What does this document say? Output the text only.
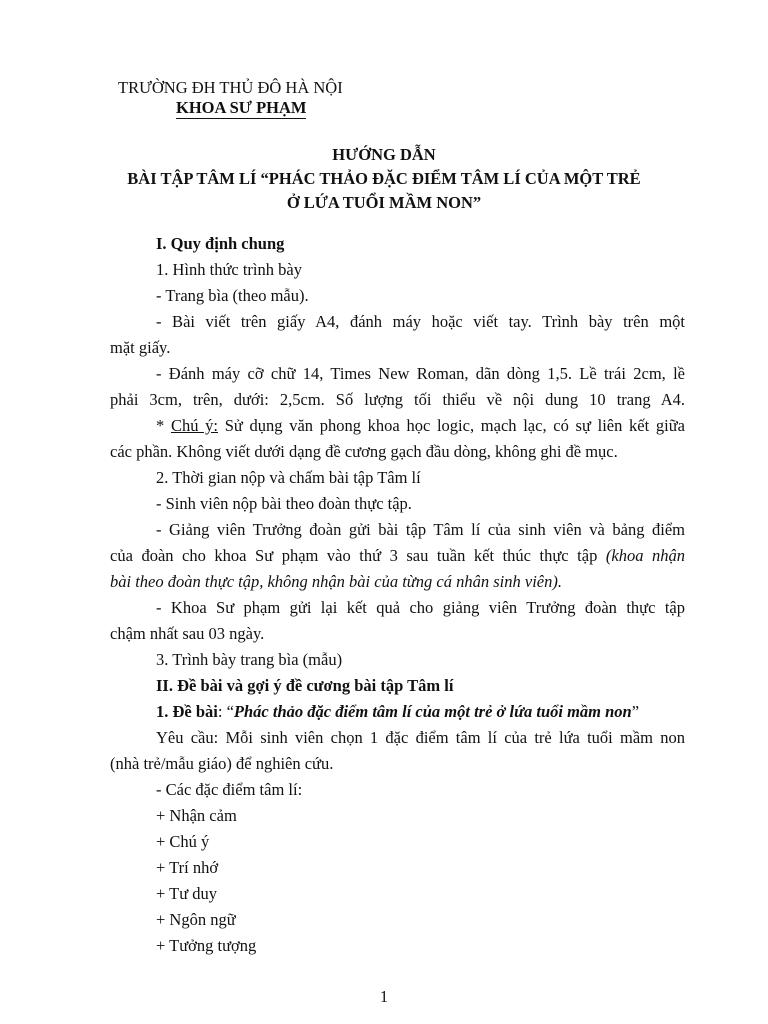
TRƯỜNG ĐH THỦ ĐÔ HÀ NỘI
KHOA SƯ PHẠM
HƯỚNG DẪN
BÀI TẬP TÂM LÍ “PHÁC THẢO ĐẶC ĐIỂM TÂM LÍ CỦA MỘT TRẺ
Ở LỨA TUỔI MẦM NON”
I. Quy định chung
1. Hình thức trình bày
- Trang bìa (theo mẫu).
- Bài viết trên giấy A4, đánh máy hoặc viết tay. Trình bày trên một
mặt giấy.
- Đánh máy cỡ chữ 14, Times New Roman, dãn dòng 1,5. Lề trái 2cm, lề
phải 3cm, trên, dưới: 2,5cm. Số lượng tối thiểu về nội dung 10 trang A4.
* Chú ý: Sử dụng văn phong khoa học logic, mạch lạc, có sự liên kết giữa
các phần. Không viết dưới dạng đề cương gạch đầu dòng, không ghi đề mục.
2. Thời gian nộp và chấm bài tập Tâm lí
- Sinh viên nộp bài theo đoàn thực tập.
- Giảng viên Trưởng đoàn gửi bài tập Tâm lí của sinh viên và bảng điểm
của đoàn cho khoa Sư phạm vào thứ 3 sau tuần kết thúc thực tập (khoa nhận
bài theo đoàn thực tập, không nhận bài của từng cá nhân sinh viên).
- Khoa Sư phạm gửi lại kết quả cho giảng viên Trưởng đoàn thực tập
chậm nhất sau 03 ngày.
3. Trình bày trang bìa (mẫu)
II. Đề bài và gợi ý đề cương bài tập Tâm lí
1. Đề bài: “Phác thảo đặc điểm tâm lí của một trẻ ở lứa tuổi mầm non”
Yêu cầu: Mỗi sinh viên chọn 1 đặc điểm tâm lí của trẻ lứa tuổi mầm non
(nhà trẻ/mẫu giáo) để nghiên cứu.
- Các đặc điểm tâm lí:
+ Nhận cảm
+ Chú ý
+ Trí nhớ
+ Tư duy
+ Ngôn ngữ
+ Tưởng tượng
1
